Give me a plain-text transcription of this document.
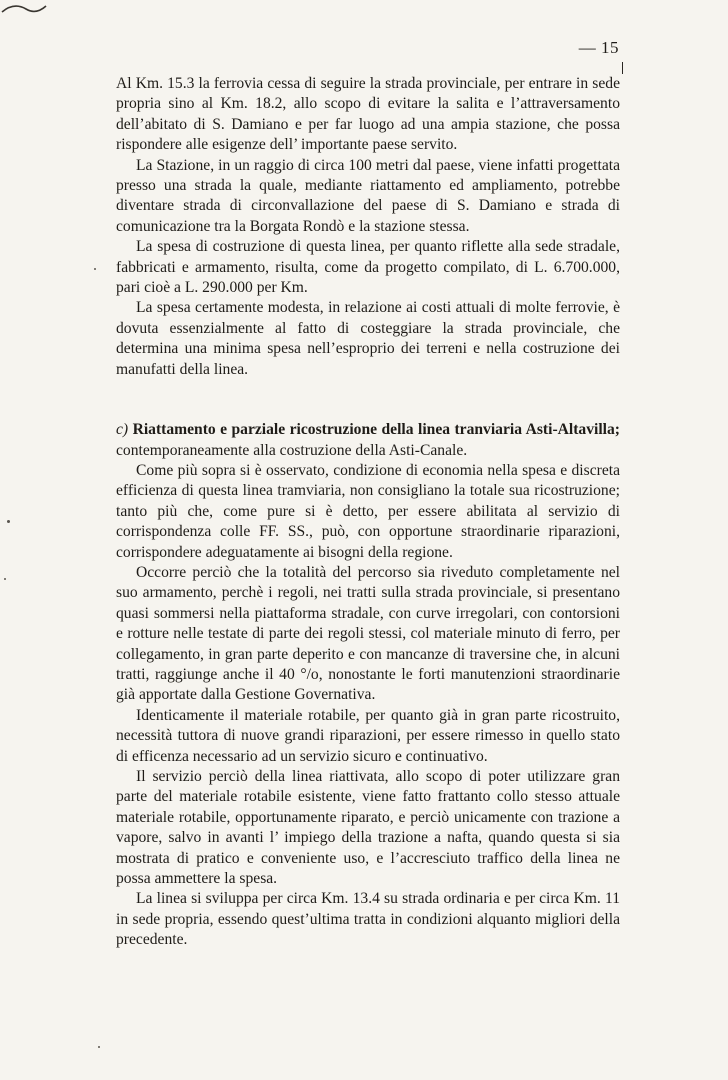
— 15

Al Km. 15.3 la ferrovia cessa di seguire la strada provinciale, per entrare in sede propria sino al Km. 18.2, allo scopo di evitare la salita e l’attraversamento dell’abitato di S. Damiano e per far luogo ad una ampia stazione, che possa rispondere alle esigenze dell’ importante paese servito.

La Stazione, in un raggio di circa 100 metri dal paese, viene infatti progettata presso una strada la quale, mediante riattamento ed ampliamento, potrebbe diventare strada di circonvallazione del paese di S. Damiano e strada di comunicazione tra la Borgata Rondò e la stazione stessa.

La spesa di costruzione di questa linea, per quanto riflette alla sede stradale, fabbricati e armamento, risulta, come da progetto compilato, di L. 6.700.000, pari cioè a L. 290.000 per Km.

La spesa certamente modesta, in relazione ai costi attuali di molte ferrovie, è dovuta essenzialmente al fatto di costeggiare la strada provinciale, che determina una minima spesa nell’esproprio dei terreni e nella costruzione dei manufatti della linea.

c) Riattamento e parziale ricostruzione della linea tranviaria Asti-Altavilla; contemporaneamente alla costruzione della Asti-Canale.

Come più sopra si è osservato, condizione di economia nella spesa e discreta efficienza di questa linea tramviaria, non consigliano la totale sua ricostruzione; tanto più che, come pure si è detto, per essere abilitata al servizio di corrispondenza colle FF. SS., può, con opportune straordinarie riparazioni, corrispondere adeguatamente ai bisogni della regione.

Occorre perciò che la totalità del percorso sia riveduto completamente nel suo armamento, perchè i regoli, nei tratti sulla strada provinciale, si presentano quasi sommersi nella piattaforma stradale, con curve irregolari, con contorsioni e rotture nelle testate di parte dei regoli stessi, col materiale minuto di ferro, per collegamento, in gran parte deperito e con mancanze di traversine che, in alcuni tratti, raggiunge anche il 40 °/o, nonostante le forti manutenzioni straordinarie già apportate dalla Gestione Governativa.

Identicamente il materiale rotabile, per quanto già in gran parte ricostruito, necessità tuttora di nuove grandi riparazioni, per essere rimesso in quello stato di efficenza necessario ad un servizio sicuro e continuativo.

Il servizio perciò della linea riattivata, allo scopo di poter utilizzare gran parte del materiale rotabile esistente, viene fatto frattanto collo stesso attuale materiale rotabile, opportunamente riparato, e perciò unicamente con trazione a vapore, salvo in avanti l’ impiego della trazione a nafta, quando questa si sia mostrata di pratico e conveniente uso, e l’accresciuto traffico della linea ne possa ammettere la spesa.

La linea si sviluppa per circa Km. 13.4 su strada ordinaria e per circa Km. 11 in sede propria, essendo quest’ultima tratta in condizioni alquanto migliori della precedente.
